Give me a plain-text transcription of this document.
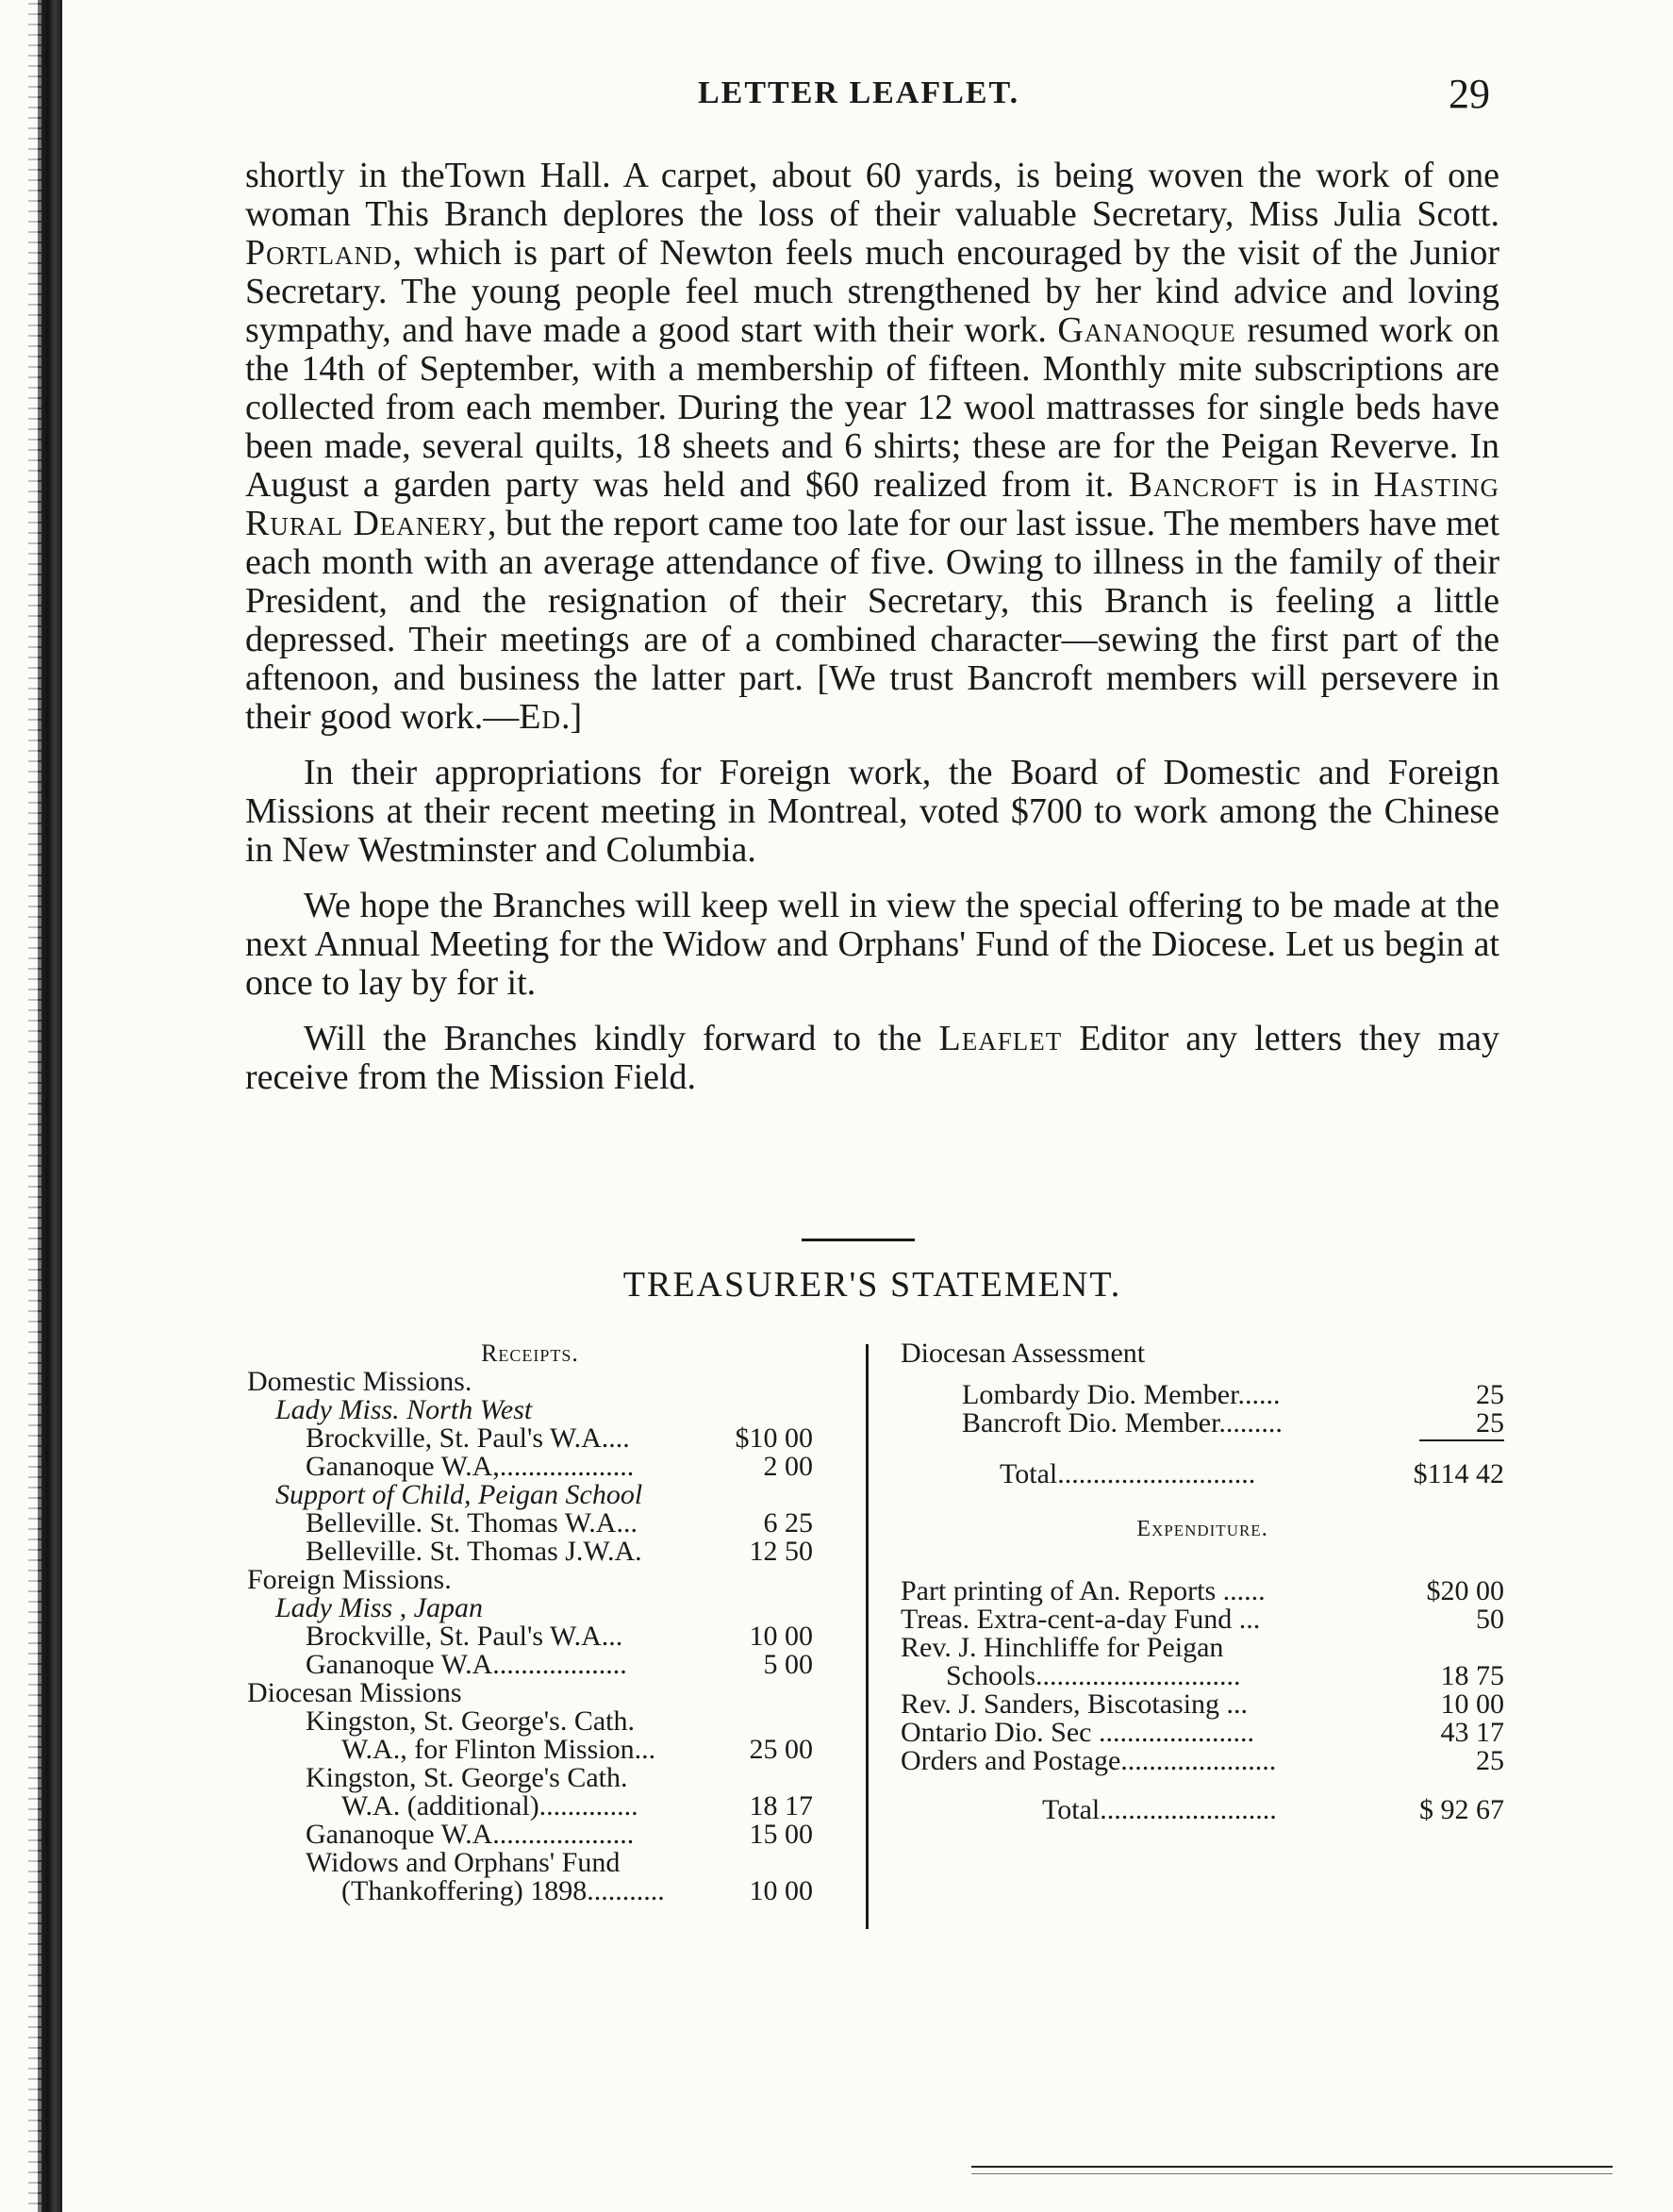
LETTER LEAFLET.	29

shortly in theTown Hall. A carpet, about 60 yards, is being woven the work of one woman This Branch deplores the loss of their valuable Secretary, Miss Julia Scott. Portland, which is part of Newton feels much encouraged by the visit of the Junior Secretary. The young people feel much strengthened by her kind advice and loving sympathy, and have made a good start with their work. Gananoque resumed work on the 14th of September, with a membership of fifteen. Monthly mite subscriptions are collected from each member. During the year 12 wool mattrasses for single beds have been made, several quilts, 18 sheets and 6 shirts; these are for the Peigan Reverve. In August a garden party was held and $60 realized from it. Bancroft is in Hasting Rural Deanery, but the report came too late for our last issue. The members have met each month with an average attendance of five. Owing to illness in the family of their President, and the resignation of their Secretary, this Branch is feeling a little depressed. Their meetings are of a combined character—sewing the first part of the aftenoon, and business the latter part. [We trust Bancroft members will persevere in their good work.—Ed.]

In their appropriations for Foreign work, the Board of Domestic and Foreign Missions at their recent meeting in Montreal, voted $700 to work among the Chinese in New Westminster and Columbia.

We hope the Branches will keep well in view the special offering to be made at the next Annual Meeting for the Widow and Orphans' Fund of the Diocese. Let us begin at once to lay by for it.

Will the Branches kindly forward to the Leaflet Editor any letters they may receive from the Mission Field.

TREASURER'S STATEMENT.
Receipts.
Domestic Missions.
Lady Miss. North West
Brockville, St. Paul's W.A....	$10 00
Gananoque W.A,...................	2 00
Support of Child, Peigan School
Belleville. St. Thomas W.A...	6 25
Belleville. St. Thomas J.W.A.	12 50
Foreign Missions.
Lady Miss , Japan
Brockville, St. Paul's W.A...	10 00
Gananoque W.A...................	5 00
Diocesan Missions
Kingston, St. George's. Cath.
W.A., for Flinton Mission...	25 00
Kingston, St. George's Cath.
W.A. (additional)..............	18 17
Gananoque W.A....................	15 00
Widows and Orphans' Fund
(Thankoffering) 1898...........	10 00
Diocesan Assessment
Lombardy Dio. Member......	25
Bancroft Dio. Member.........	25
Total............................	$114 42
Expenditure.
Part printing of An. Reports ......	$20 00
Treas. Extra-cent-a-day Fund ...	50
Rev. J. Hinchliffe for Peigan
Schools.............................	18 75
Rev. J. Sanders, Biscotasing ...	10 00
Ontario Dio. Sec ......................	43 17
Orders and Postage......................	25
Total.........................	$ 92 67
